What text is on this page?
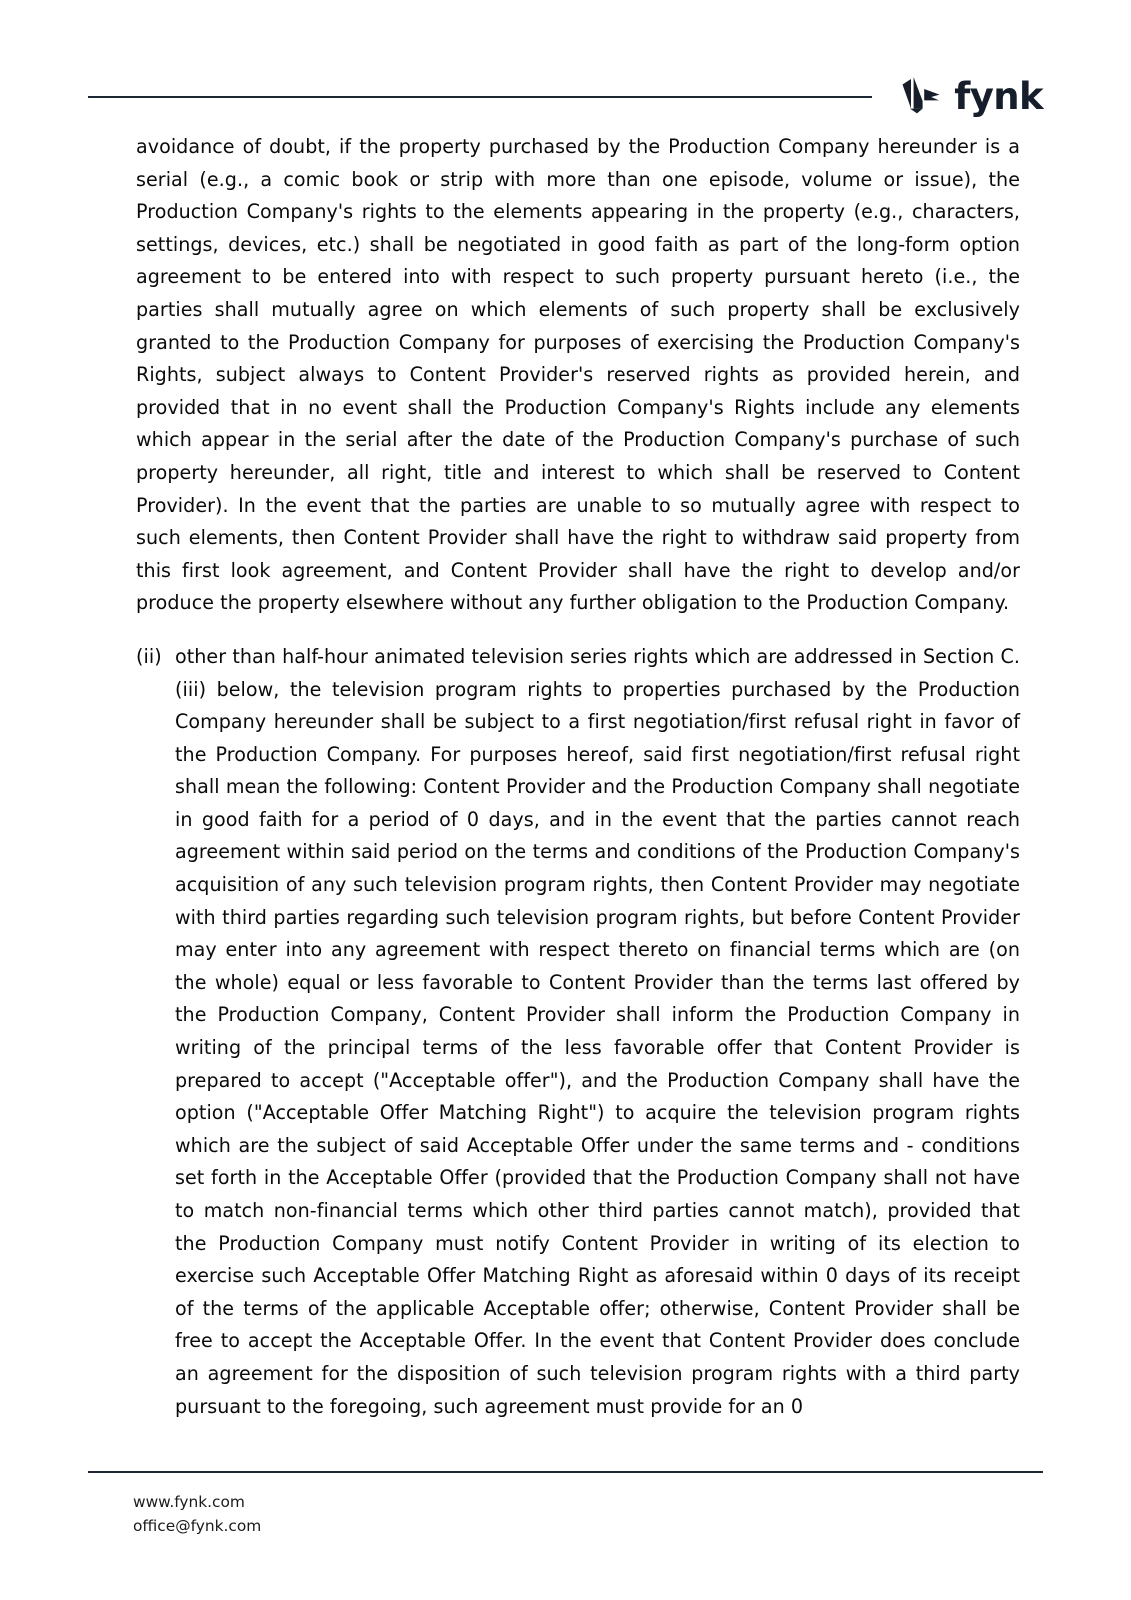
fynk

avoidance of doubt, if the property purchased by the Production Company hereunder is a serial (e.g., a comic book or strip with more than one episode, volume or issue), the Production Company's rights to the elements appearing in the property (e.g., characters, settings, devices, etc.) shall be negotiated in good faith as part of the long-form option agreement to be entered into with respect to such property pursuant hereto (i.e., the parties shall mutually agree on which elements of such property shall be exclusively granted to the Production Company for purposes of exercising the Production Company's Rights, subject always to Content Provider's reserved rights as provided herein, and provided that in no event shall the Production Company's Rights include any elements which appear in the serial after the date of the Production Company's purchase of such property hereunder, all right, title and interest to which shall be reserved to Content Provider). In the event that the parties are unable to so mutually agree with respect to such elements, then Content Provider shall have the right to withdraw said property from this first look agreement, and Content Provider shall have the right to develop and/or produce the property elsewhere without any further obligation to the Production Company.

(ii) other than half-hour animated television series rights which are addressed in Section C.(iii) below, the television program rights to properties purchased by the Production Company hereunder shall be subject to a first negotiation/first refusal right in favor of the Production Company. For purposes hereof, said first negotiation/first refusal right shall mean the following: Content Provider and the Production Company shall negotiate in good faith for a period of 0 days, and in the event that the parties cannot reach agreement within said period on the terms and conditions of the Production Company's acquisition of any such television program rights, then Content Provider may negotiate with third parties regarding such television program rights, but before Content Provider may enter into any agreement with respect thereto on financial terms which are (on the whole) equal or less favorable to Content Provider than the terms last offered by the Production Company, Content Provider shall inform the Production Company in writing of the principal terms of the less favorable offer that Content Provider is prepared to accept ("Acceptable offer"), and the Production Company shall have the option ("Acceptable Offer Matching Right") to acquire the television program rights which are the subject of said Acceptable Offer under the same terms and - conditions set forth in the Acceptable Offer (provided that the Production Company shall not have to match non-financial terms which other third parties cannot match), provided that the Production Company must notify Content Provider in writing of its election to exercise such Acceptable Offer Matching Right as aforesaid within 0 days of its receipt of the terms of the applicable Acceptable offer; otherwise, Content Provider shall be free to accept the Acceptable Offer. In the event that Content Provider does conclude an agreement for the disposition of such television program rights with a third party pursuant to the foregoing, such agreement must provide for an 0

www.fynk.com
office@fynk.com
